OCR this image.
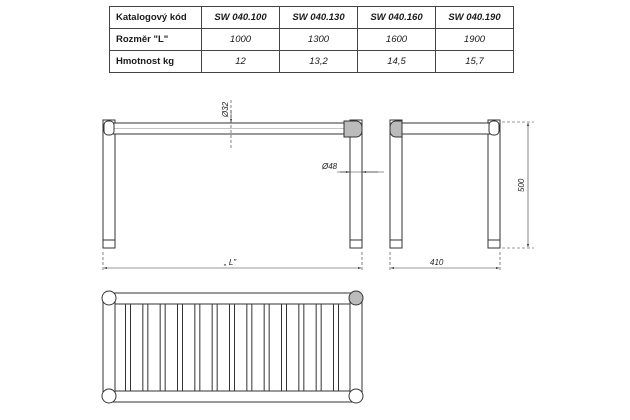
Katalogový kód	SW 040.100	SW 040.130	SW 040.160	SW 040.190
Rozměr "L"	1000	1300	1600	1900
Hmotnost kg	12	13,2	14,5	15,7
Ø32
Ø48
„ L”
500
410
